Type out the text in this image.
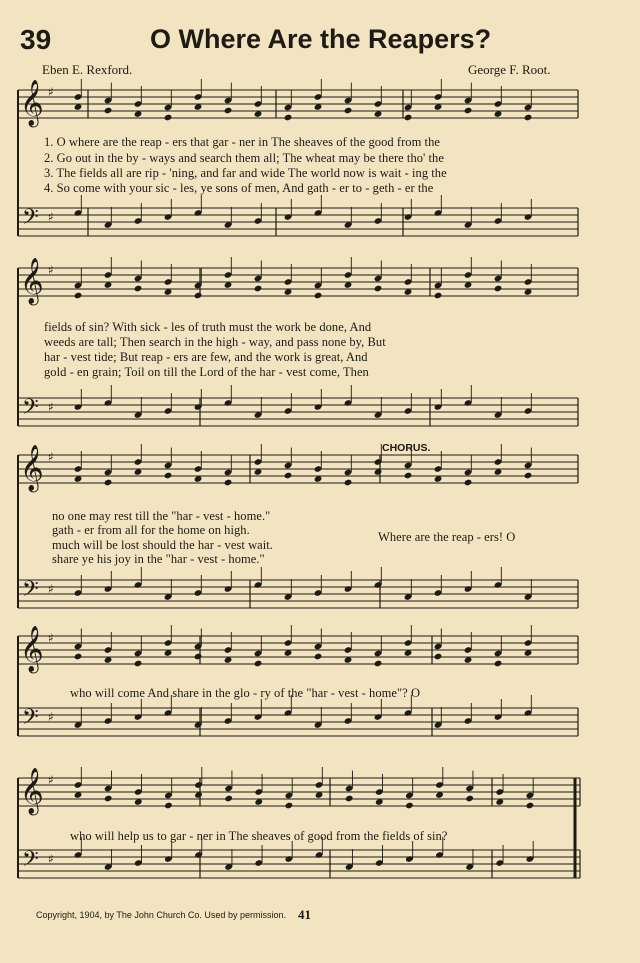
39	O Where Are the Reapers?
Eben E. Rexford.	George F. Root.
𝄞
𝄢
♯
♯
𝄞
𝄢
♯
♯
𝄞
𝄢
♯
♯
𝄞
𝄢
♯
♯
𝄞
𝄢
♯
♯
1. O where are the reap - ers that gar - ner in The sheaves of the good from the
2. Go out in the by - ways and search them all; The wheat may be there tho' the
3. The fields all are rip - 'ning, and far and wide The world now is wait - ing the
4. So come with your sic - les, ye sons of men, And gath - er to - geth - er the
fields of sin? With sick - les of truth must the work be done, And
weeds are tall; Then search in the high - way, and pass none by, But
har - vest tide; But reap - ers are few, and the work is great, And
gold - en grain; Toil on till the Lord of the har - vest come, Then
CHORUS.
no one may rest till the "har - vest - home."
gath - er from all for the home on high.
much will be lost should the har - vest wait.
share ye his joy in the "har - vest - home."
Where are the reap - ers! O
who will come And share in the glo - ry of the "har - vest - home"? O
who will help us to gar - ner in The sheaves of good from the fields of sin?
Copyright, 1904, by The John Church Co. Used by permission. 41
